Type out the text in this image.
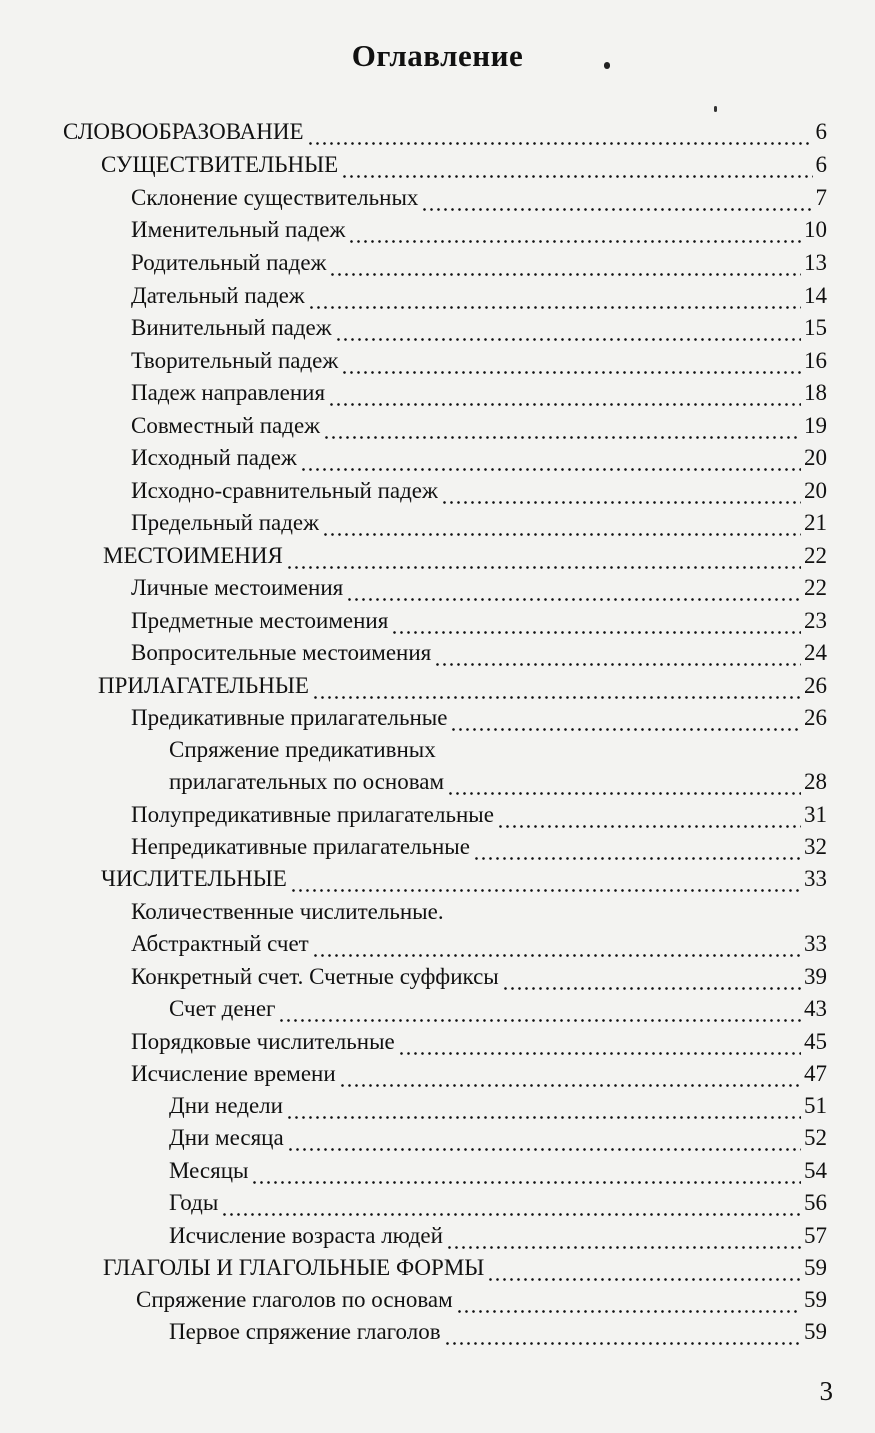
Оглавление
СЛОВООБРАЗОВАНИЕ	6
СУЩЕСТВИТЕЛЬНЫЕ	6
Склонение существительных	7
Именительный падеж	10
Родительный падеж	13
Дательный падеж	14
Винительный падеж	15
Творительный падеж	16
Падеж направления	18
Совместный падеж	19
Исходный падеж	20
Исходно-сравнительный падеж	20
Предельный падеж	21
МЕСТОИМЕНИЯ	22
Личные местоимения	22
Предметные местоимения	23
Вопросительные местоимения	24
ПРИЛАГАТЕЛЬНЫЕ	26
Предикативные прилагательные	26
Спряжение предикативных
прилагательных по основам	28
Полупредикативные прилагательные	31
Непредикативные прилагательные	32
ЧИСЛИТЕЛЬНЫЕ	33
Количественные числительные.
Абстрактный счет	33
Конкретный счет. Счетные суффиксы	39
Счет денег	43
Порядковые числительные	45
Исчисление времени	47
Дни недели	51
Дни месяца	52
Месяцы	54
Годы	56
Исчисление возраста людей	57
ГЛАГОЛЫ И ГЛАГОЛЬНЫЕ ФОРМЫ	59
Спряжение глаголов по основам	59
Первое спряжение глаголов	59
3
